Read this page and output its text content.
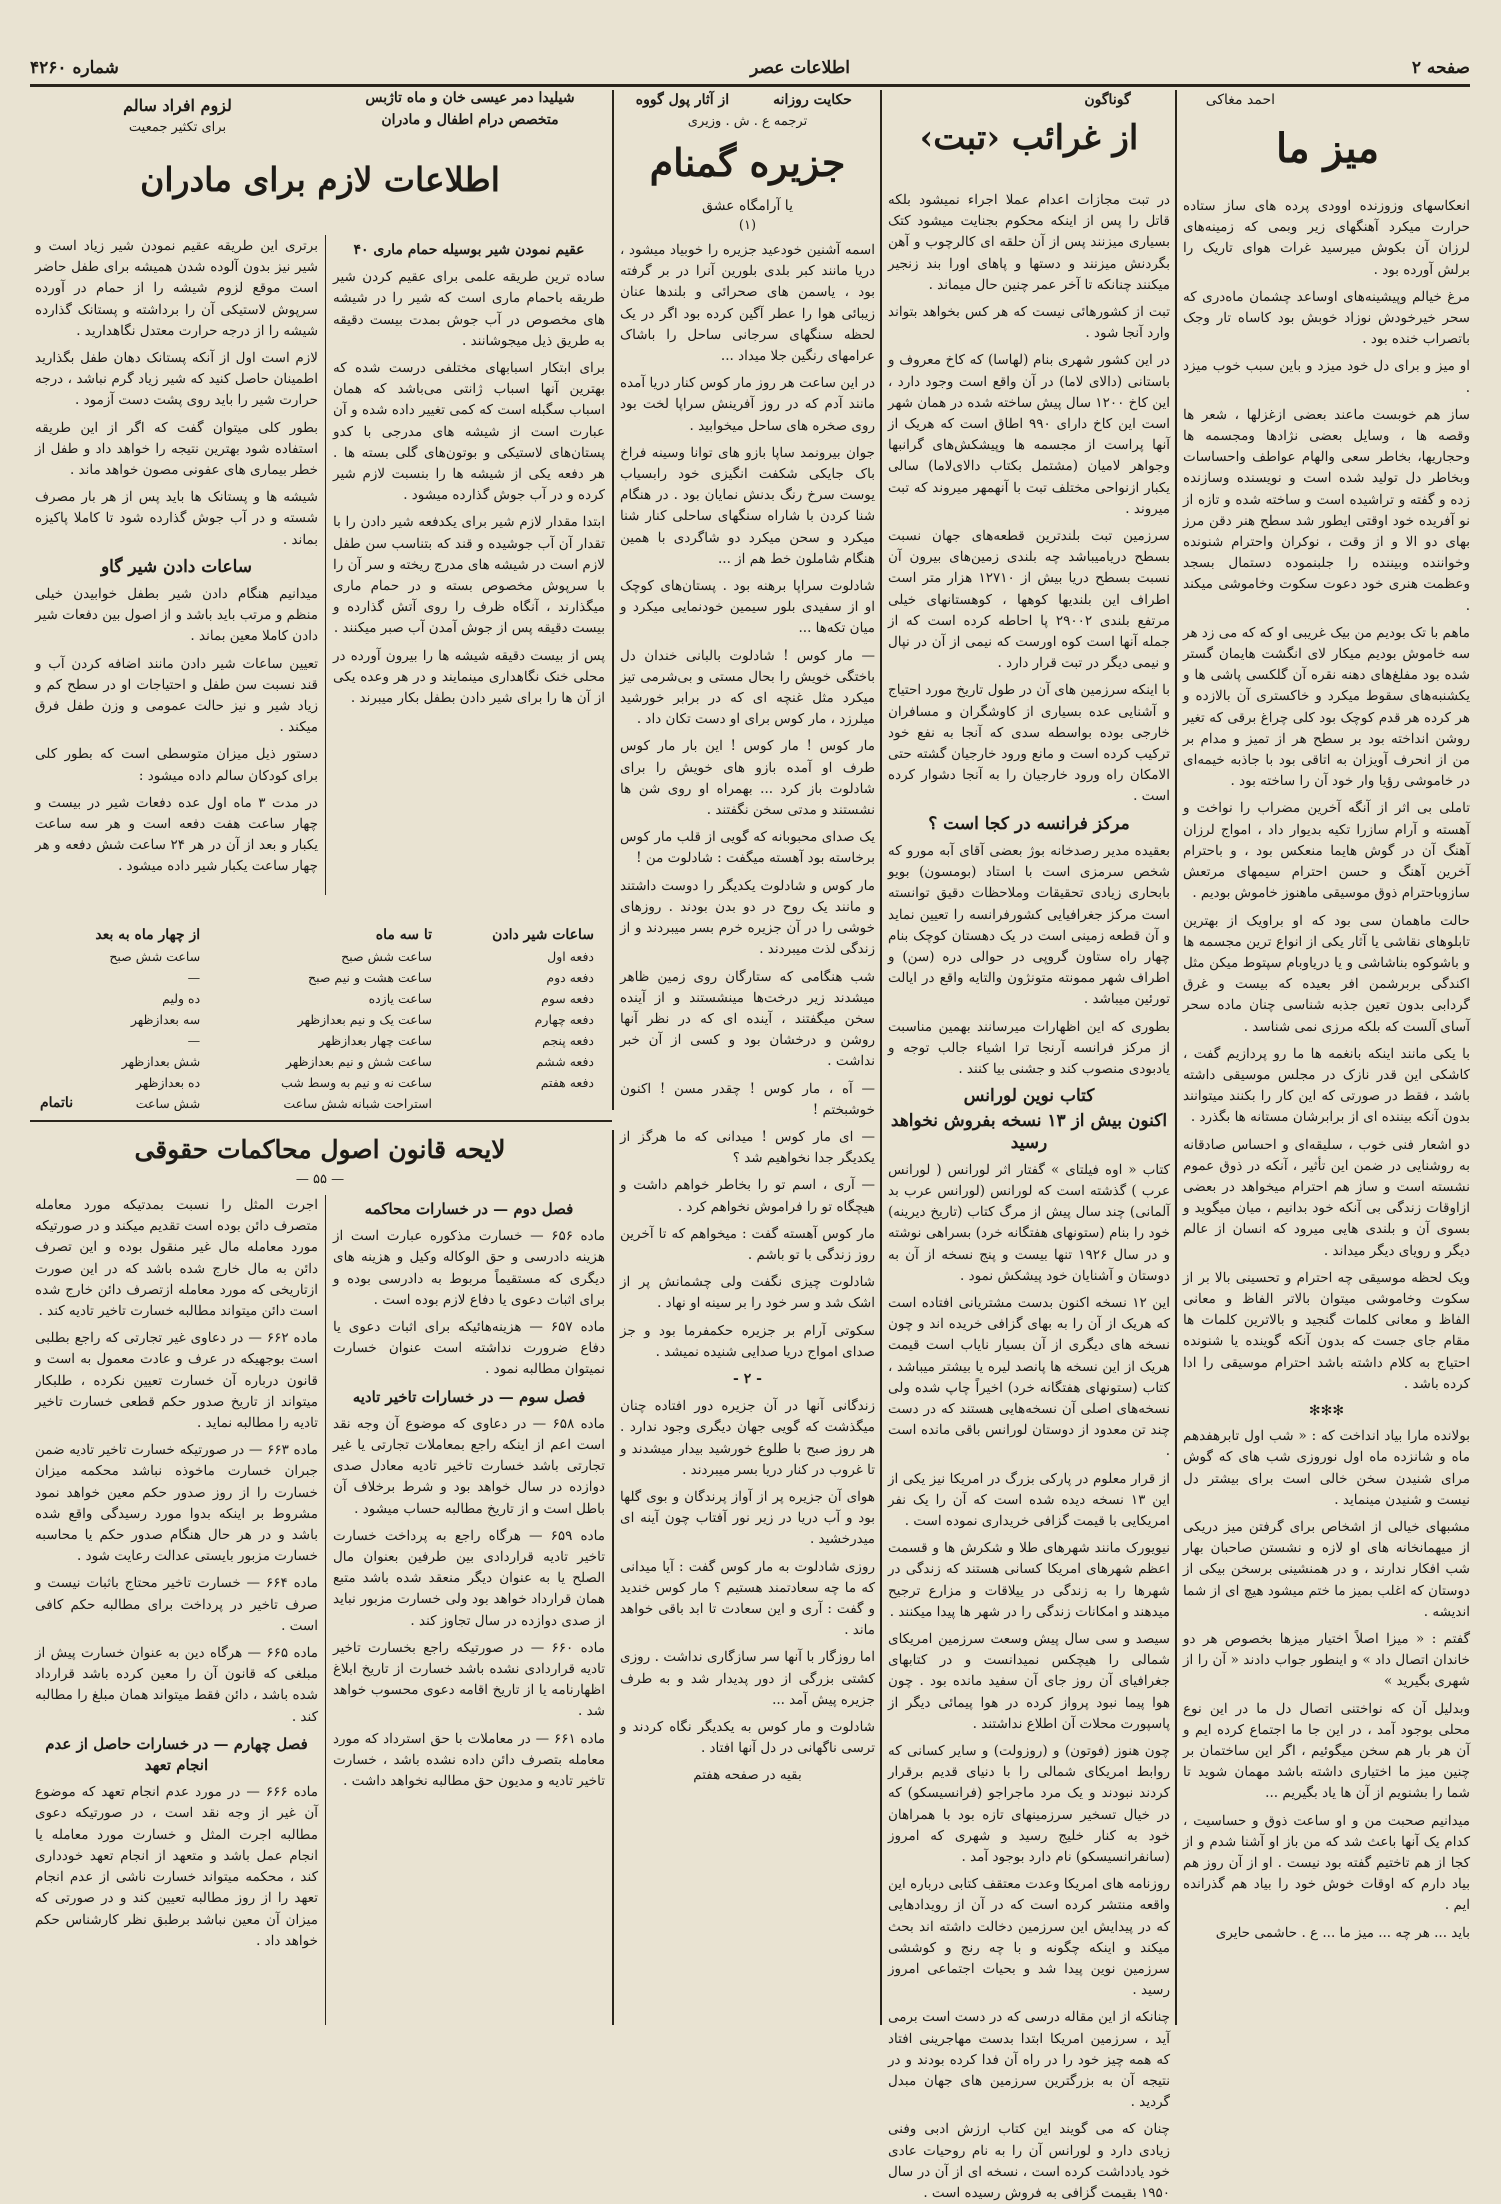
صفحه ۲
اطلاعات عصر
شماره ۴۲۶۰
احمد مغاکی
میز ما

انعکاسهای وزوزنده اوودی پرده های ساز ستاده حرارت میکرد آهنگهای زیر وبمی که زمینه‌های لرزان آن بکوش میرسید غرات هوای تاریک را برلش آورده بود .

مرغ خیالم وپیشینه‌های اوساعد چشمان ماه‌دری که سحر خیرخودش نوزاد خوبش بود کاساه تار وجک باتصراب خنده بود .

او میز و برای دل خود میزد و باین سبب خوب میزد .

ساز هم خوبست ماعند بعضی ازغزلها ، شعر ها وقصه ها ، وسایل بعضی نژادها ومجسمه ها وحجاریها، بخاطر سعی والهام عواطف واحساسات وبخاطر دل تولید شده است و نویسنده وسازنده زده و گفته و تراشیده است و ساخته شده و تازه از نو آفریده خود اوقتی ایطور شد سطح هنر دقن مرز بهای دو الا و از وقت ، نوکران واحترام شنونده وخواننده وبیننده را جلبنموده دستمال بسجد وعظمت هنری خود دعوت سکوت وخاموشی میکند .

ماهم با تک بودیم من بیک غریبی او که که می زد هر سه خاموش بودیم میکار لای انگشت هایمان گستر شده بود مفلغ‌های دهنه نقره آن گلکسی پاشی ها و یکشنبه‌های سقوط میکرد و خاکستری آن بالازده و هر کرده هر قدم کوچک بود کلی چراغ برقی که تغیر روشن انداخته بود بر سطح هر از تمیز و مدام بر من از انحرف آویزان به اتاقی بود با جاذبه خیمه‌ای در خاموشی رؤیا وار خود آن را ساخته بود .

تاملی بی اثر از آنگه آخرین مضراب را نواخت و آهسته و آرام سازرا تکیه بدیوار داد ، امواج لرزان آهنگ آن در گوش هایما منعکس بود ، و باحترام آخرین آهنگ و حسن احترام سیمهای مرتعش سازوباحترام ذوق موسیقی ماهنوز خاموش بودیم .

حالت ماهمان سی بود که او براویک از بهترین تابلوهای نقاشی یا آثار یکی از انواع ترین مجسمه ها و باشوکوه بناشاشی و یا دریاوبام سپتوط میکن مثل اکندگی بربرشمن افر بعیده که بیست و غرق گردابی بدون تعین جذبه شناسی چنان ماده سحر آسای آلست که بلکه مرزی نمی شناسد .

با یکی مانند اینکه بانغمه ها ما رو پردازیم گفت ، کاشکی این قدر نازک در مجلس موسیقی داشته باشد ، فقط در صورتی که این کار را بکنند میتوانند بدون آنکه بیننده ای از برابرشان مستانه ها بگذرد .

دو اشعار فنی خوب ، سلیقه‌ای و احساس صادقانه به روشنایی در ضمن این تأثیر ، آنکه در ذوق عموم نشسته است و ساز هم احترام میخواهد در بعضی ازاوقات زندگی بی آنکه خود بدانیم ، میان میگوید و بسوی آن و بلندی هایی میرود که انسان از عالم دیگر و رویای دیگر میداند .

ویک لحظه موسیقی چه احترام و تحسینی بالا بر از سکوت وخاموشی میتوان بالاتر الفاظ و معانی الفاظ و معانی کلمات گنجید و بالاترین کلمات ها مقام جای جست که بدون آنکه گوینده یا شنونده احتیاج به کلام داشته باشد احترام موسیقی را ادا کرده باشد .

✻✻✻

بولانده مارا بیاد انداخت که : « شب اول تابرهفدهم ماه و شانزده ماه اول نوروزی شب های که گوش مرای شنیدن سخن خالی است برای بیشتر دل نیست و شنیدن مینماید .

مشبهای خیالی از اشخاص برای گرفتن میز دریکی از میهمانخانه های او لازه و نشستن صاحبان بهار شب افکار ندارند ، و در همنشینی برسخن بیکی از دوستان که اغلب بمیز ما ختم میشود هیچ ای از شما اندیشه .

گفتم : « میزا اصلاً اختیار میزها بخصوص هر دو خاندان اتصال داد » و اینطور جواب دادند « آن را از شهری بگیرید »

وبدلیل آن که نواختنی اتصال دل ما در این نوع محلی بوجود آمد ، در این جا ما اجتماع کرده ایم و آن هر بار هم سخن میگوئیم ، اگر این ساختمان بر چنین میز ما اختیاری داشته باشد مهمان شوید تا شما را بشنویم از آن ها یاد بگیریم ...

میدانیم صحبت من و او ساعت ذوق و حساسیت ، کدام یک آنها باعث شد که من باز او آشنا شدم و از کجا از هم تاختیم گفته بود نیست . او از آن روز هم بیاد دارم که اوقات خوش خود را بیاد هم گذرانده ایم .

باید ... هر چه ... میز ما ... ع . حاشمی حایری

گوناگون
از غرائب ‹تبت›

در تبت مجازات اعدام عملا اجراء نمیشود بلکه قاتل را پس از اینکه محکوم بجنایت میشود کتک بسیاری میزنند پس از آن حلقه ای کالرچوب و آهن بگردنش میزنند و دستها و پاهای اورا بند زنجیر میکنند چنانکه تا آخر عمر چنین حال میماند .

تبت از کشورهائی نیست که هر کس بخواهد بتواند وارد آنجا شود .

در این کشور شهری بنام (لهاسا) که کاخ معروف و باستانی (دالای لاما) در آن واقع است وجود دارد ، این کاخ ۱۲۰۰ سال پیش ساخته شده در همان شهر است این کاخ دارای ۹۹۰ اطاق است که هریک از آنها پراست از مجسمه ها وپیشکش‌های گرانبها وجواهر لامیان (مشتمل بکتاب دالای‌لاما) سالی یکبار ازنواحی مختلف تبت با آنهمهر میروند که تبت میروند .

سرزمین تبت بلندترین قطعه‌های جهان نسبت بسطح دریامیباشد چه بلندی زمین‌های بیرون آن نسبت بسطح دریا بیش از ۱۲۷۱۰ هزار متر است اطراف این بلندیها کوهها ، کوهستانهای خیلی مرتفع بلندی ۲۹۰۰۲ پا احاطه کرده است که از جمله آنها است کوه اورست که نیمی از آن در نپال و نیمی دیگر در تبت قرار دارد .

با اینکه سرزمین های آن در طول تاریخ مورد احتیاج و آشنایی عده بسیاری از کاوشگران و مسافران خارجی بوده بواسطه سدی که آنجا به نفع خود ترکیب کرده است و مانع ورود خارجیان گشته حتی الامکان راه ورود خارجیان را به آنجا دشوار کرده است .

مرکز فرانسه در کجا است ؟

بعقیده مدیر رصدخانه بوژ بعضی آقای آبه مورو که شخص سرمزی است با استاد (بومسون) بویو بابحاری زیادی تحقیقات وملاحظات دقیق توانسته است مرکز جغرافیایی کشورفرانسه را تعیین نماید و آن قطعه زمینی است در یک دهستان کوچک بنام چهار راه ستاون گروپی در حوالی دره (سن) و اطراف شهر ممونته متونژون والتایه واقع در ایالت تورئین میباشد .

بطوری که این اظهارات میرسانند بهمین مناسبت از مرکز فرانسه آرنجا ترا اشیاء جالب توجه و یادبودی منصوب کند و جشنی بیا کنند .

کتاب نوین لورانس
اکنون بیش از ۱۳ نسخه بفروش نخواهد رسید

کتاب « اوه فیلتای » گفتار اثر لورانس ( لورانس عرب ) گذشته است که لورانس (لورانس عرب بد آلمانی) چند سال پیش از مرگ کتاب (تاریخ دیرینه) خود را بنام (ستونهای هفتگانه خرد) بسراهی نوشته و در سال ۱۹۲۶ تنها بیست و پنج نسخه از آن به دوستان و آشنایان خود پیشکش نمود .

این ۱۲ نسخه اکنون بدست مشتریانی افتاده است که هریک از آن را به بهای گزافی خریده اند و چون نسخه های دیگری از آن بسیار نایاب است قیمت هریک از این نسخه ها پانصد لیره یا بیشتر میباشد ، کتاب (ستونهای هفتگانه خرد) اخیراً چاپ شده ولی نسخه‌های اصلی آن نسخه‌هایی هستند که در دست چند تن معدود از دوستان لورانس باقی مانده است .

از قرار معلوم در پارکی بزرگ در امریکا نیز یکی از این ۱۳ نسخه دیده شده است که آن را یک نفر امریکایی با قیمت گزافی خریداری نموده است .

نیویورک مانند شهرهای طلا و شکرش ها و قسمت اعظم شهرهای امریکا کسانی هستند که زندگی در شهرها را به زندگی در ییلاقات و مزارع ترجیح میدهند و امکانات زندگی را در شهر ها پیدا میکنند .

سیصد و سی سال پیش وسعت سرزمین امریکای شمالی را هیچکس نمیدانست و در کتابهای جغرافیای آن روز جای آن سفید مانده بود . چون هوا پیما نبود پرواز کرده در هوا پیمائی دیگر از پاسپورت محلات آن اطلاع نداشتند .

چون هنوز (فوتون) و (روزولت) و سایر کسانی که روابط امریکای شمالی را با دنیای قدیم برقرار کردند نبودند و یک مرد ماجراجو (فرانسیسکو) که در خیال تسخیر سرزمینهای تازه بود با همراهان خود به کنار خلیج رسید و شهری که امروز (سانفرانسیسکو) نام دارد بوجود آمد .

روزنامه های امریکا وعدت معتقف کتابی درباره این واقعه منتشر کرده است که در آن از رویدادهایی که در پیدایش این سرزمین دخالت داشته اند بحث میکند و اینکه چگونه و با چه رنج و کوششی سرزمین نوین پیدا شد و بحیات اجتماعی امروز رسید .

چنانکه از این مقاله درسی که در دست است برمی آید ، سرزمین امریکا ابتدا بدست مهاجرینی افتاد که همه چیز خود را در راه آن فدا کرده بودند و در نتیجه آن به بزرگترین سرزمین های جهان مبدل گردید .

چنان که می گویند این کتاب ارزش ادبی وفنی زیادی دارد و لورانس آن را به نام روحیات عادی خود یادداشت کرده است ، نسخه ای از آن در سال ۱۹۵۰ بقیمت گزافی به فروش رسیده است .

حکایت روزانه
از آثار پول گووه
ترجمه ع . ش . وزیری
جزیره گمنام
یا آرامگاه عشق
(۱)

اسمه آشنین خودعید جزیره را خوبیاد میشود ، دریا مانند کبر بلدی بلورین آنرا در بر گرفته بود ، یاسمن های صحرائی و بلندها عنان زیبائی هوا را عطر آگین کرده بود اگر در یک لحظه سنگهای سرجانی ساحل را باشاک عرامهای رنگین جلا میداد ...

در این ساعت هر روز مار کوس کنار دریا آمده مانند آدم که در روز آفرینش سراپا لخت بود روی صخره های ساحل میخوابید .

جوان بیرونمد ساپا بازو های توانا وسینه فراخ باک جایکی شکفت انگیزی خود رابسیاب یوست سرخ رنگ بدنش نمایان بود . در هنگام شنا کردن با شاراه سنگهای ساحلی کنار شنا میکرد و سحن میکرد دو شاگردی با همین هنگام شاملون خط هم از ...

شادلوت سراپا برهنه بود . پستان‌های کوچک او از سفیدی بلور سیمین خودنمایی میکرد و میان تکه‌ها ...

— مار کوس ! شادلوت بالبانی خندان دل باختگی خویش را بحال مستی و بی‌شرمی تیز میکرد مثل غنچه ای که در برابر خورشید میلرزد ، مار کوس برای او دست تکان داد .

مار کوس ! مار کوس ! این بار مار کوس طرف او آمده بازو های خویش را برای شادلوت باز کرد ... بهمراه او روی شن ها نشستند و مدتی سخن نگفتند .

یک صدای محبوبانه که گویی از قلب مار کوس برخاسته بود آهسته میگفت : شادلوت من !

مار کوس و شادلوت یکدیگر را دوست داشتند و مانند یک روح در دو بدن بودند . روزهای خوشی را در آن جزیره خرم بسر میبردند و از زندگی لذت میبردند .

شب هنگامی که ستارگان روی زمین ظاهر میشدند زیر درخت‌ها مینشستند و از آینده سخن میگفتند ، آینده ای که در نظر آنها روشن و درخشان بود و کسی از آن خبر نداشت .

— آه ، مار کوس ! چقدر مسن ! اکنون خوشبختم !

— ای مار کوس ! میدانی که ما هرگز از یکدیگر جدا نخواهیم شد ؟

— آری ، اسم تو را بخاطر خواهم داشت و هیچگاه تو را فراموش نخواهم کرد .

مار کوس آهسته گفت : میخواهم که تا آخرین روز زندگی با تو باشم .

شادلوت چیزی نگفت ولی چشمانش پر از اشک شد و سر خود را بر سینه او نهاد .

سکوتی آرام بر جزیره حکمفرما بود و جز صدای امواج دریا صدایی شنیده نمیشد .

- ۲ -

زندگانی آنها در آن جزیره دور افتاده چنان میگذشت که گویی جهان دیگری وجود ندارد . هر روز صبح با طلوع خورشید بیدار میشدند و تا غروب در کنار دریا بسر میبردند .

هوای آن جزیره پر از آواز پرندگان و بوی گلها بود و آب دریا در زیر نور آفتاب چون آینه ای میدرخشید .

روزی شادلوت به مار کوس گفت : آیا میدانی که ما چه سعادتمند هستیم ؟ مار کوس خندید و گفت : آری و این سعادت تا ابد باقی خواهد ماند .

اما روزگار با آنها سر سازگاری نداشت . روزی کشتی بزرگی از دور پدیدار شد و به طرف جزیره پیش آمد ...

شادلوت و مار کوس به یکدیگر نگاه کردند و ترسی ناگهانی در دل آنها افتاد .

بقیه در صفحه هفتم

شیلیدا دمر عیسی خان و ماه تاژبس
متخصص درام اطفال و مادران
لزوم افراد سالم
برای تکثیر جمعیت
اطلاعات لازم برای مادران
عقیم نمودن شیر بوسیله حمام ماری ۴۰

ساده ترین طریقه علمی برای عقیم کردن شیر طریقه باحمام ماری است که شیر را در شیشه های مخصوص در آب جوش بمدت بیست دقیقه به طریق ذیل میجوشانند .

برای ابتکار اسبابهای مختلفی درست شده که بهترین آنها اسباب ژانتی می‌باشد که همان اسباب سگبله است که کمی تغییر داده شده و آن عبارت است از شیشه های مدرجی با کدو پستان‌های لاستیکی و بوتون‌های گلی بسته ها . هر دفعه یکی از شیشه ها را بنسبت لازم شیر کرده و در آب جوش گذارده میشود .

ابتدا مقدار لازم شیر برای یکدفعه شیر دادن را با تقدار آن آب جوشیده و قند که بتناسب سن طفل لازم است در شیشه های مدرج ریخته و سر آن را با سرپوش مخصوص بسته و در حمام ماری میگذارند ، آنگاه ظرف را روی آتش گذارده و بیست دقیقه پس از جوش آمدن آب صبر میکنند .

پس از بیست دقیقه شیشه ها را بیرون آورده در محلی خنک نگاهداری مینمایند و در هر وعده یکی از آن ها را برای شیر دادن بطفل بکار میبرند .

برتری این طریقه عقیم نمودن شیر زیاد است و شیر نیز بدون آلوده شدن همیشه برای طفل حاضر است موقع لزوم شیشه را از حمام در آورده سرپوش لاستیکی آن را برداشته و پستانک گذارده شیشه را از درجه حرارت معتدل نگاهدارید .

لازم است اول از آنکه پستانک دهان طفل بگذارید اطمینان حاصل کنید که شیر زیاد گرم نباشد ، درجه حرارت شیر را باید روی پشت دست آزمود .

بطور کلی میتوان گفت که اگر از این طریقه استفاده شود بهترین نتیجه را خواهد داد و طفل از خطر بیماری های عفونی مصون خواهد ماند .

شیشه ها و پستانک ها باید پس از هر بار مصرف شسته و در آب جوش گذارده شود تا کاملا پاکیزه بماند .

ساعات دادن شیر گاو

میدانیم هنگام دادن شیر بطفل خوابیدن خیلی منظم و مرتب باید باشد و از اصول بین دفعات شیر دادن کاملا معین بماند .

تعیین ساعات شیر دادن مانند اضافه کردن آب و قند نسبت سن طفل و احتیاجات او در سطح کم و زیاد شیر و نیز حالت عمومی و وزن طفل فرق میکند .

دستور ذیل میزان متوسطی است که بطور کلی برای کودکان سالم داده میشود :

در مدت ۳ ماه اول عده دفعات شیر در بیست و چهار ساعت هفت دفعه است و هر سه ساعت یکبار و بعد از آن در هر ۲۴ ساعت شش دفعه و هر چهار ساعت یکبار شیر داده میشود .

ساعات شیر دادن	تا سه ماه	از چهار ماه به بعد
دفعه اول	ساعت شش صبح	ساعت شش صبح
دفعه دوم	ساعت هشت و نیم صبح	—
دفعه سوم	ساعت یازده	ده ولیم
دفعه چهارم	ساعت یک و نیم بعدازظهر	سه بعدازظهر
دفعه پنجم	ساعت چهار بعدازظهر	—
دفعه ششم	ساعت شش و نیم بعدازظهر	شش بعدازظهر
دفعه هفتم	ساعت نه و نیم به وسط شب	ده بعدازظهر
	استراحت شبانه شش ساعت	شش ساعت
ناتمام
لایحه قانون اصول محاکمات حقوقی
— ۵۵ —
فصل دوم — در خسارات محاکمه

ماده ۶۵۶ — خسارت مذکوره عبارت است از هزینه دادرسی و حق الوکاله وکیل و هزینه های دیگری که مستقیماً مربوط به دادرسی بوده و برای اثبات دعوی یا دفاع لازم بوده است .

ماده ۶۵۷ — هزینه‌هائیکه برای اثبات دعوی یا دفاع ضرورت نداشته است عنوان خسارت نمیتوان مطالبه نمود .

فصل سوم — در خسارات تاخیر تادیه

ماده ۶۵۸ — در دعاوی که موضوع آن وجه نقد است اعم از اینکه راجع بمعاملات تجارتی یا غیر تجارتی باشد خسارت تاخیر تادیه معادل صدی دوازده در سال خواهد بود و شرط برخلاف آن باطل است و از تاریخ مطالبه حساب میشود .

ماده ۶۵۹ — هرگاه راجع به پرداخت خسارت تاخیر تادیه قراردادی بین طرفین بعنوان مال الصلح یا به عنوان دیگر منعقد شده باشد متبع همان قرارداد خواهد بود ولی خسارت مزبور نباید از صدی دوازده در سال تجاوز کند .

ماده ۶۶۰ — در صورتیکه راجع بخسارت تاخیر تادیه قراردادی نشده باشد خسارت از تاریخ ابلاغ اظهارنامه یا از تاریخ اقامه دعوی محسوب خواهد شد .

ماده ۶۶۱ — در معاملات با حق استرداد که مورد معامله بتصرف دائن داده نشده باشد ، خسارت تاخیر تادیه و مدیون حق مطالبه نخواهد داشت .

اجرت المثل را نسبت بمدتیکه مورد معامله متصرف دائن بوده است تقدیم میکند و در صورتیکه مورد معامله مال غیر منقول بوده و این تصرف دائن به مال خارج شده باشد که در این صورت ازتاریخی که مورد معامله ازتصرف دائن خارج شده است دائن میتواند مطالبه خسارت تاخیر تادیه کند .

ماده ۶۶۲ — در دعاوی غیر تجارتی که راجع بطلبی است بوجهیکه در عرف و عادت معمول به است و قانون درباره آن خسارت تعیین نکرده ، طلبکار میتواند از تاریخ صدور حکم قطعی خسارت تاخیر تادیه را مطالبه نماید .

ماده ۶۶۳ — در صورتیکه خسارت تاخیر تادیه ضمن جبران خسارت ماخوذه نباشد محکمه میزان خسارت را از روز صدور حکم معین خواهد نمود مشروط بر اینکه بدوا مورد رسیدگی واقع شده باشد و در هر حال هنگام صدور حکم یا محاسبه خسارت مزبور بایستی عدالت رعایت شود .

ماده ۶۶۴ — خسارت تاخیر محتاج باثبات نیست و صرف تاخیر در پرداخت برای مطالبه حکم کافی است .

ماده ۶۶۵ — هرگاه دین به عنوان خسارت پیش از مبلغی که قانون آن را معین کرده باشد قرارداد شده باشد ، دائن فقط میتواند همان مبلغ را مطالبه کند .

فصل چهارم — در خسارات حاصل از عدم انجام تعهد

ماده ۶۶۶ — در مورد عدم انجام تعهد که موضوع آن غیر از وجه نقد است ، در صورتیکه دعوی مطالبه اجرت المثل و خسارت مورد معامله یا انجام عمل باشد و متعهد از انجام تعهد خودداری کند ، محکمه میتواند خسارت ناشی از عدم انجام تعهد را از روز مطالبه تعیین کند و در صورتی که میزان آن معین نباشد برطبق نظر کارشناس حکم خواهد داد .
